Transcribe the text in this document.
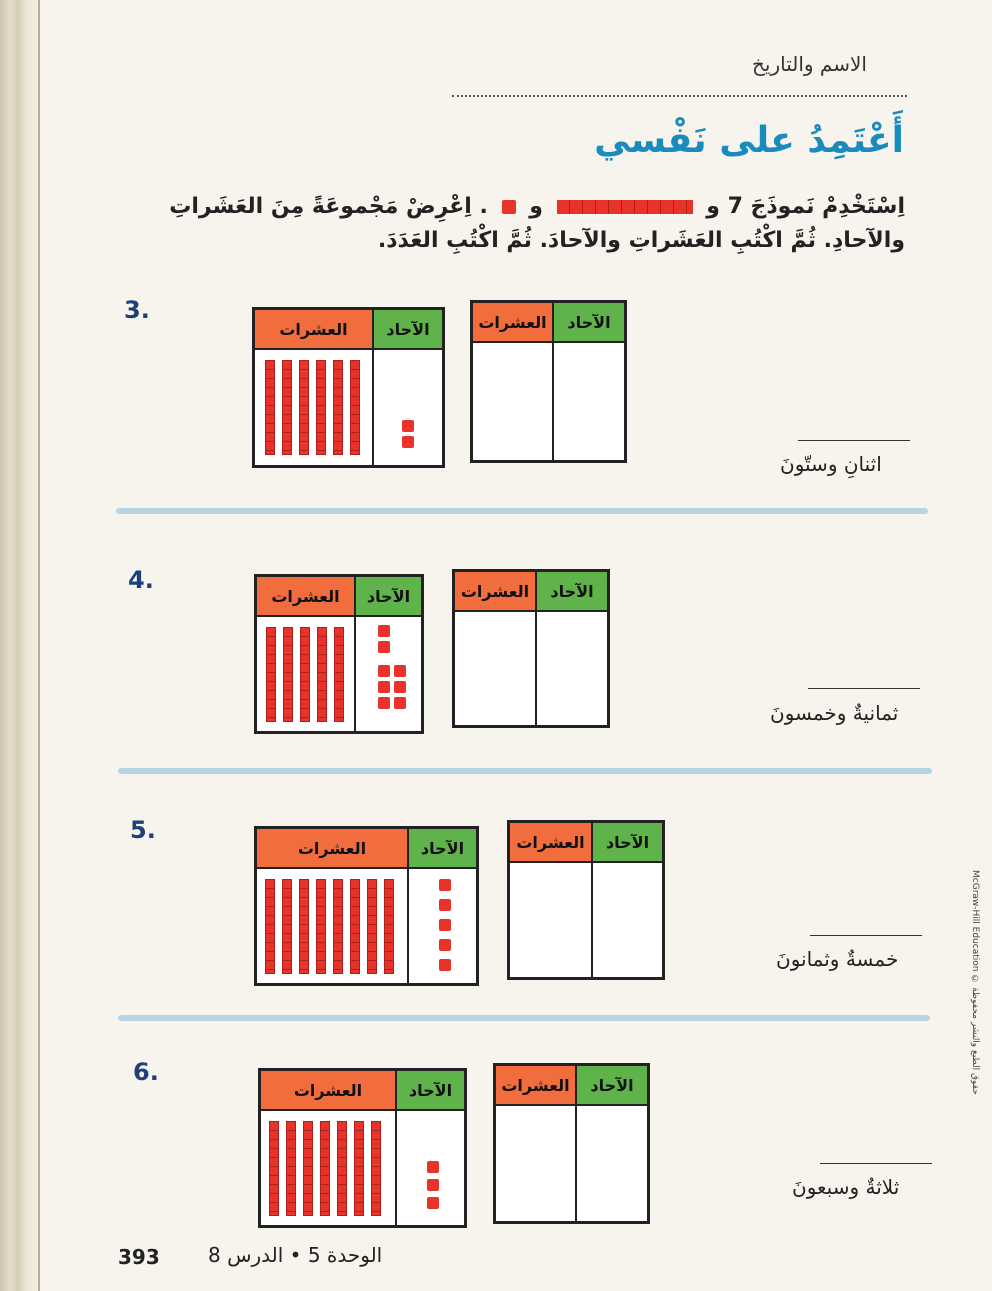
الاسم والتاريخ
أَعْتَمِدُ على نَفْسي
اِسْتَخْدِمْ نَموذَجَ 7 و  و  . اِعْرِضْ مَجْموعَةً مِنَ العَشَراتِ والآحادِ. ثُمَّ اكْتُبِ العَشَراتِ والآحادَ. ثُمَّ اكْتُبِ العَدَدَ.
3.
العشرات	الآحاد	العشرات	الآحاد
اثنانِ وستّونَ
4.
العشرات	الآحاد	العشرات	الآحاد
ثمانيةٌ وخمسونَ
5.
العشرات	الآحاد	العشرات	الآحاد
خمسةٌ وثمانونَ
6.
العشرات	الآحاد	العشرات	الآحاد
ثلاثةٌ وسبعونَ
393 الوحدة 5 • الدرس 8
McGraw-Hill Education © حقوق الطبع والنشر محفوظة
